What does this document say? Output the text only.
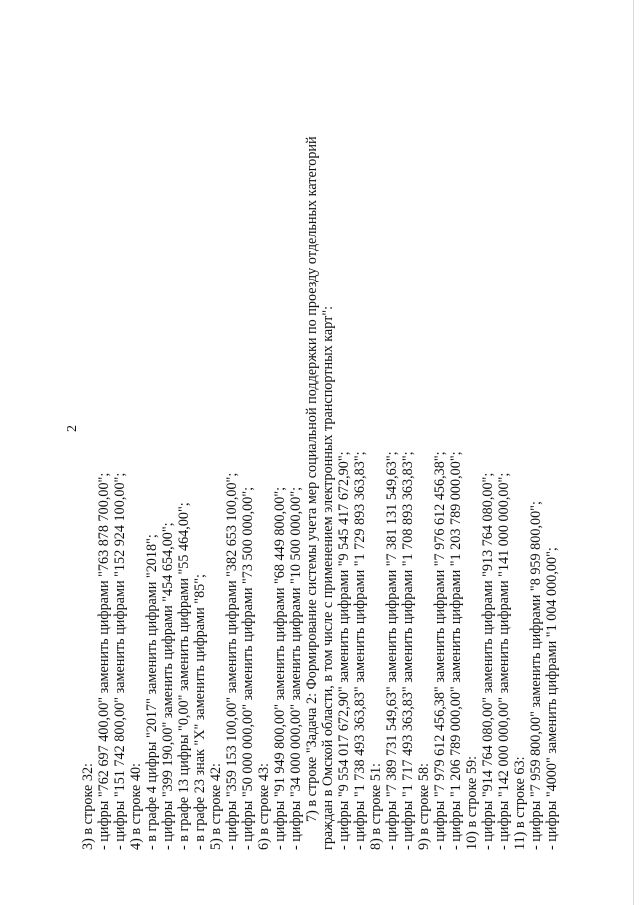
2
3) в строке 32: - цифры "762 697 400,00" заменить цифрами "763 878 700,00"; - цифры "151 742 800,00" заменить цифрами "152 924 100,00"; 4) в строке 40: - в графе 4 цифры "2017" заменить цифрами "2018"; - цифры "399 190,00" заменить цифрами "454 654,00"; - в графе 13 цифры "0,00" заменить цифрами "55 464,00"; - в графе 23 знак "Х" заменить цифрами "85"; 5) в строке 42: - цифры "359 153 100,00" заменить цифрами "382 653 100,00"; - цифры "50 000 000,00" заменить цифрами "73 500 000,00"; 6) в строке 43: - цифры "91 949 800,00" заменить цифрами "68 449 800,00"; - цифры "34 000 000,00" заменить цифрами "10 500 000,00"; 7) в строке "Задача 2: Формирование системы учета мер социальной поддержки по проезду отдельных категорий граждан в Омской области, в том числе с применением электронных транспортных карт": - цифры "9 554 017 672,90" заменить цифрами "9 545 417 672,90"; - цифры "1 738 493 363,83" заменить цифрами "1 729 893 363,83"; 8) в строке 51: - цифры "7 389 731 549,63" заменить цифрами "7 381 131 549,63"; - цифры "1 717 493 363,83" заменить цифрами "1 708 893 363,83"; 9) в строке 58: - цифры "7 979 612 456,38" заменить цифрами "7 976 612 456,38"; - цифры "1 206 789 000,00" заменить цифрами "1 203 789 000,00"; 10) в строке 59: - цифры "914 764 080,00" заменить цифрами "913 764 080,00"; - цифры "142 000 000,00" заменить цифрами "141 000 000,00"; 11) в строке 63: - цифры "7 959 800,00" заменить цифрами "8 959 800,00"; - цифры "4000" заменить цифрами "1 004 000,00";
